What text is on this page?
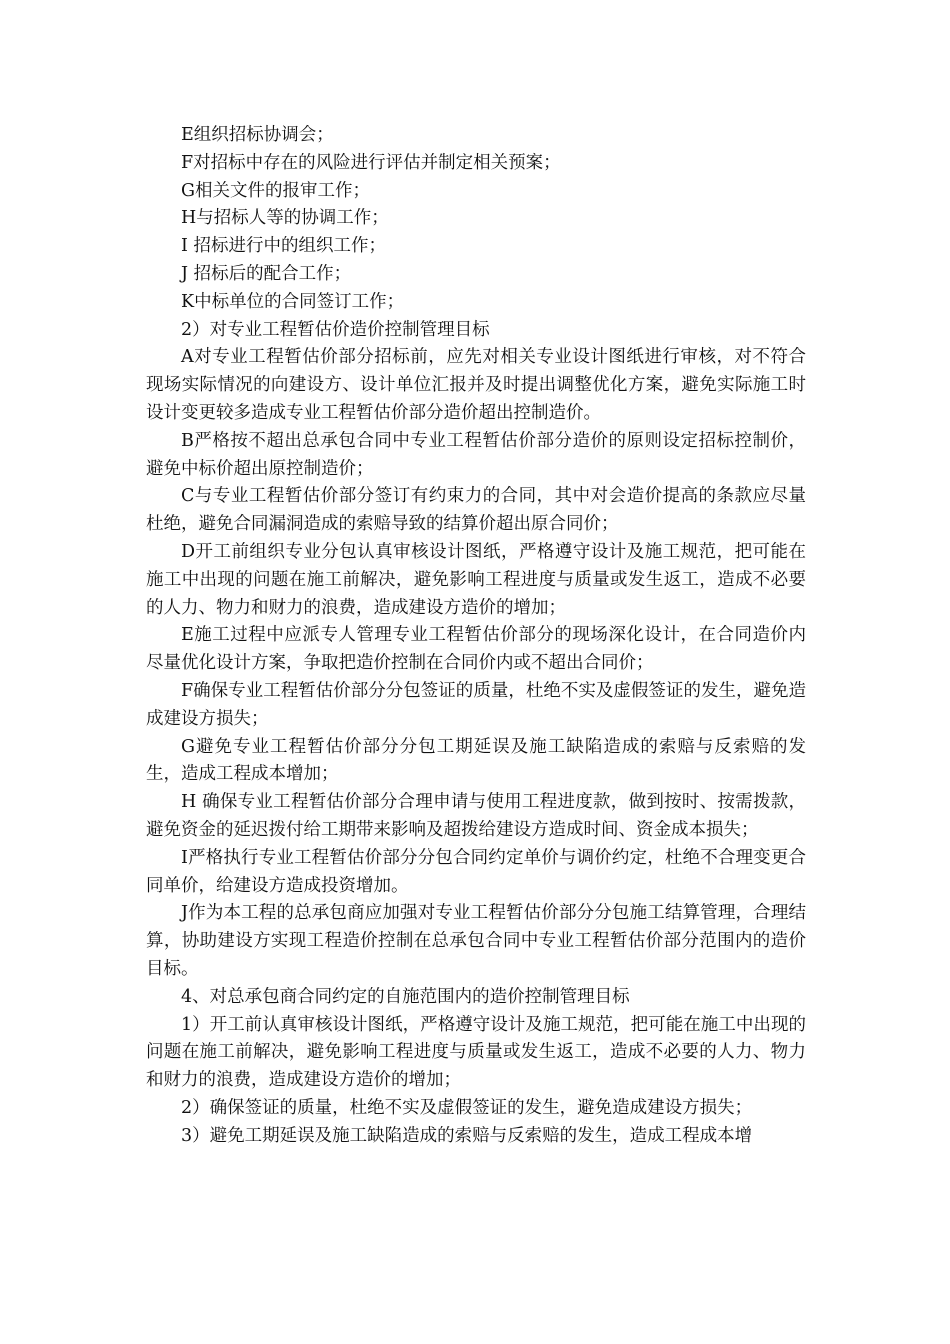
E组织招标协调会；

F对招标中存在的风险进行评估并制定相关预案；

G相关文件的报审工作；

H与招标人等的协调工作；

I 招标进行中的组织工作；

J 招标后的配合工作；

K中标单位的合同签订工作；

2）对专业工程暂估价造价控制管理目标

A对专业工程暂估价部分招标前，应先对相关专业设计图纸进行审核，对不符合现场实际情况的向建设方、设计单位汇报并及时提出调整优化方案，避免实际施工时设计变更较多造成专业工程暂估价部分造价超出控制造价。

B严格按不超出总承包合同中专业工程暂估价部分造价的原则设定招标控制价，避免中标价超出原控制造价；

C与专业工程暂估价部分签订有约束力的合同，其中对会造价提高的条款应尽量杜绝，避免合同漏洞造成的索赔导致的结算价超出原合同价；

D开工前组织专业分包认真审核设计图纸，严格遵守设计及施工规范，把可能在施工中出现的问题在施工前解决，避免影响工程进度与质量或发生返工，造成不必要的人力、物力和财力的浪费，造成建设方造价的增加；

E施工过程中应派专人管理专业工程暂估价部分的现场深化设计，在合同造价内尽量优化设计方案，争取把造价控制在合同价内或不超出合同价；

F确保专业工程暂估价部分分包签证的质量，杜绝不实及虚假签证的发生，避免造成建设方损失；

G避免专业工程暂估价部分分包工期延误及施工缺陷造成的索赔与反索赔的发生，造成工程成本增加；

H 确保专业工程暂估价部分合理申请与使用工程进度款，做到按时、按需拨款，避免资金的延迟拨付给工期带来影响及超拨给建设方造成时间、资金成本损失；

I严格执行专业工程暂估价部分分包合同约定单价与调价约定，杜绝不合理变更合同单价，给建设方造成投资增加。

J作为本工程的总承包商应加强对专业工程暂估价部分分包施工结算管理，合理结算，协助建设方实现工程造价控制在总承包合同中专业工程暂估价部分范围内的造价目标。

4、对总承包商合同约定的自施范围内的造价控制管理目标

1）开工前认真审核设计图纸，严格遵守设计及施工规范，把可能在施工中出现的问题在施工前解决，避免影响工程进度与质量或发生返工，造成不必要的人力、物力和财力的浪费，造成建设方造价的增加；

2）确保签证的质量，杜绝不实及虚假签证的发生，避免造成建设方损失；

3）避免工期延误及施工缺陷造成的索赔与反索赔的发生，造成工程成本增
